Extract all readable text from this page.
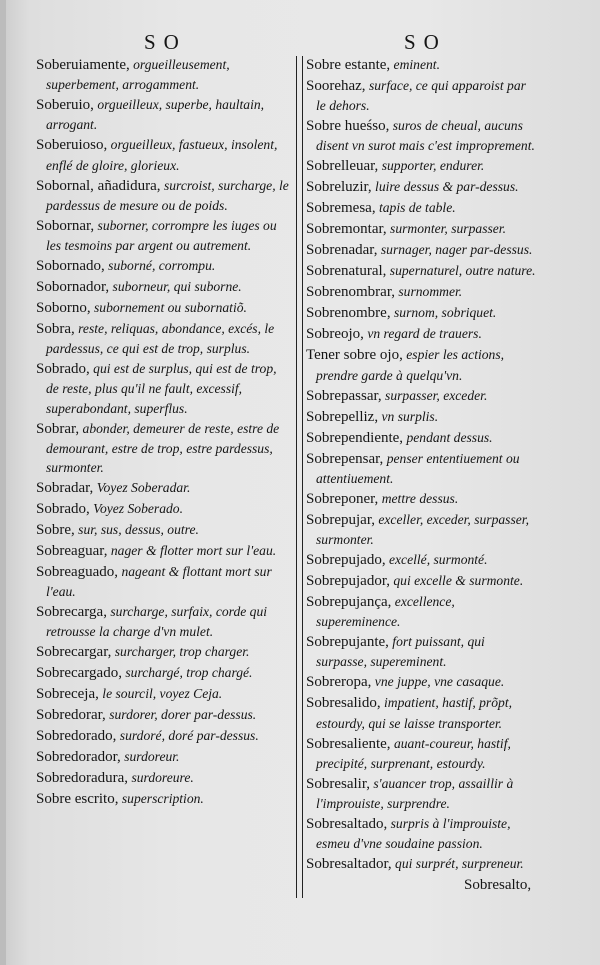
SO	SO
Soberuiamente, orgueilleusement, superbement, arrogamment.
Soberuio, orgueilleux, superbe, haultain, arrogant.
Soberuioso, orgueilleux, fastueux, insolent, enflé de gloire, glorieux.
Sobornal, añadidura, surcroist, surcharge, le pardessus de mesure ou de poids.
Sobornar, suborner, corrompre les iuges ou les tesmoins par argent ou autrement.
Sobornado, suborné, corrompu.
Sobornador, suborneur, qui suborne.
Soborno, subornement ou subornatiõ.
Sobra, reste, reliquas, abondance, excés, le pardessus, ce qui est de trop, surplus.
Sobrado, qui est de surplus, qui est de trop, de reste, plus qu'il ne fault, excessif, superabondant, superflus.
Sobrar, abonder, demeurer de reste, estre de demourant, estre de trop, estre pardessus, surmonter.
Sobradar, Voyez Soberadar.
Sobrado, Voyez Soberado.
Sobre, sur, sus, dessus, outre.
Sobreaguar, nager & flotter mort sur l'eau.
Sobreaguado, nageant & flottant mort sur l'eau.
Sobrecarga, surcharge, surfaix, corde qui retrousse la charge d'vn mulet.
Sobrecargar, surcharger, trop charger.
Sobrecargado, surchargé, trop chargé.
Sobreceja, le sourcil, voyez Ceja.
Sobredorar, surdorer, dorer par-dessus.
Sobredorado, surdoré, doré par-dessus.
Sobredorador, surdoreur.
Sobredoradura, surdoreure.
Sobre escrito, superscription.
Sobre estante, eminent.
Soorehaz, surface, ce qui apparoist par le dehors.
Sobre hueśso, suros de cheual, aucuns disent vn surot mais c'est improprement.
Sobrelleuar, supporter, endurer.
Sobreluzir, luire dessus & par-dessus.
Sobremesa, tapis de table.
Sobremontar, surmonter, surpasser.
Sobrenadar, surnager, nager par-dessus.
Sobrenatural, supernaturel, outre nature.
Sobrenombrar, surnommer.
Sobrenombre, surnom, sobriquet.
Sobreojo, vn regard de trauers.
Tener sobre ojo, espier les actions, prendre garde à quelqu'vn.
Sobrepassar, surpasser, exceder.
Sobrepelliz, vn surplis.
Sobrependiente, pendant dessus.
Sobrepensar, penser ententiuement ou attentiuement.
Sobreponer, mettre dessus.
Sobrepujar, exceller, exceder, surpasser, surmonter.
Sobrepujado, excellé, surmonté.
Sobrepujador, qui excelle & surmonte.
Sobrepujança, excellence, supereminence.
Sobrepujante, fort puissant, qui surpasse, supereminent.
Sobreropa, vne juppe, vne casaque.
Sobresalido, impatient, hastif, prõpt, estourdy, qui se laisse transporter.
Sobresaliente, auant-coureur, hastif, precipité, surprenant, estourdy.
Sobresalir, s'auancer trop, assaillir à l'improuiste, surprendre.
Sobresaltado, surpris à l'improuiste, esmeu d'vne soudaine passion.
Sobresaltador, qui surprét, surpreneur.
Sobresalto,
